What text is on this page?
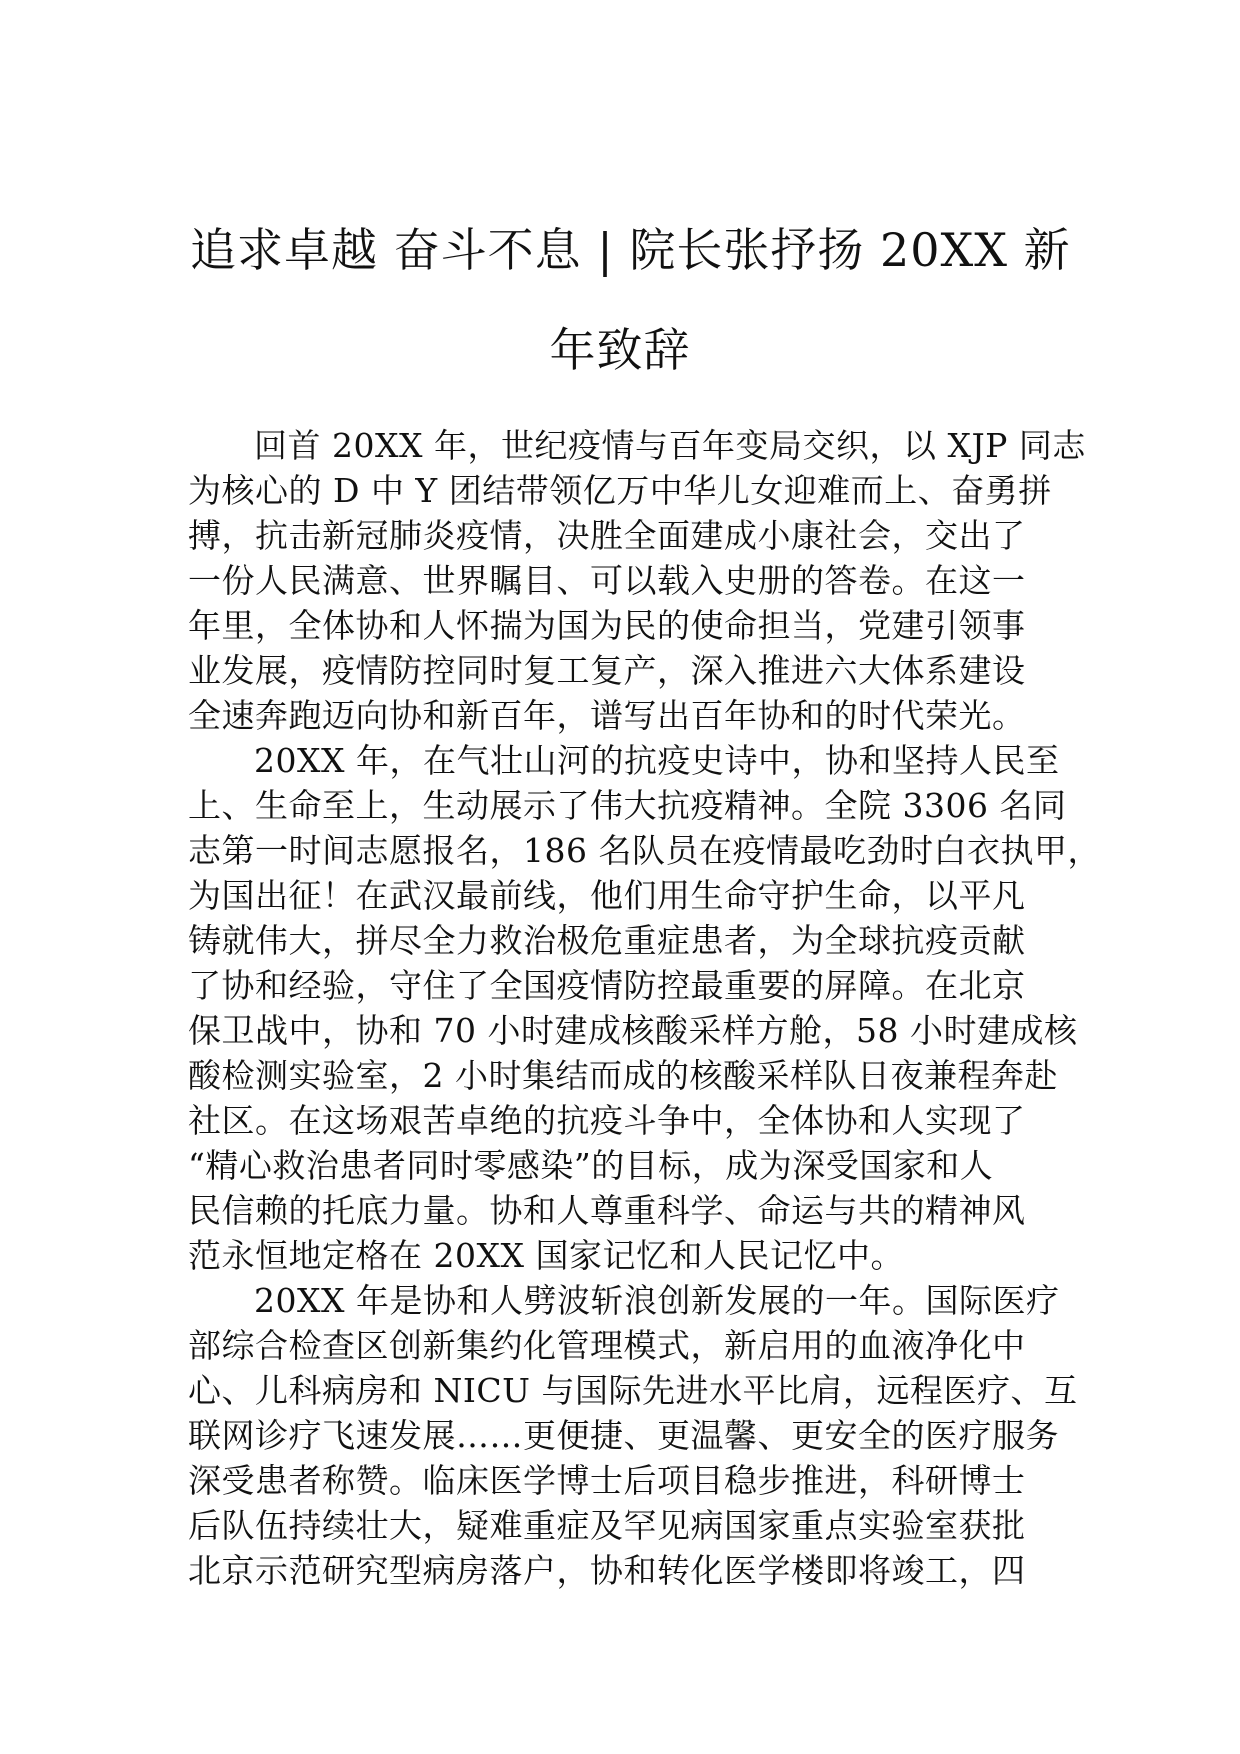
追求卓越 奋斗不息 | 院长张抒扬 20XX 新
年致辞
回首 20XX 年，世纪疫情与百年变局交织，以 XJP 同志
为核心的 D 中 Y 团结带领亿万中华儿女迎难而上、奋勇拼
搏，抗击新冠肺炎疫情，决胜全面建成小康社会，交出了
一份人民满意、世界瞩目、可以载入史册的答卷。在这一
年里，全体协和人怀揣为国为民的使命担当，党建引领事
业发展，疫情防控同时复工复产，深入推进六大体系建设
全速奔跑迈向协和新百年，谱写出百年协和的时代荣光。
20XX 年，在气壮山河的抗疫史诗中，协和坚持人民至
上、生命至上，生动展示了伟大抗疫精神。全院 3306 名同
志第一时间志愿报名，186 名队员在疫情最吃劲时白衣执甲，
为国出征！在武汉最前线，他们用生命守护生命，以平凡
铸就伟大，拼尽全力救治极危重症患者，为全球抗疫贡献
了协和经验，守住了全国疫情防控最重要的屏障。在北京
保卫战中，协和 70 小时建成核酸采样方舱，58 小时建成核
酸检测实验室，2 小时集结而成的核酸采样队日夜兼程奔赴
社区。在这场艰苦卓绝的抗疫斗争中，全体协和人实现了
“精心救治患者同时零感染”的目标，成为深受国家和人
民信赖的托底力量。协和人尊重科学、命运与共的精神风
范永恒地定格在 20XX 国家记忆和人民记忆中。
20XX 年是协和人劈波斩浪创新发展的一年。国际医疗
部综合检查区创新集约化管理模式，新启用的血液净化中
心、儿科病房和 NICU 与国际先进水平比肩，远程医疗、互
联网诊疗飞速发展……更便捷、更温馨、更安全的医疗服务
深受患者称赞。临床医学博士后项目稳步推进，科研博士
后队伍持续壮大，疑难重症及罕见病国家重点实验室获批
北京示范研究型病房落户，协和转化医学楼即将竣工，四
